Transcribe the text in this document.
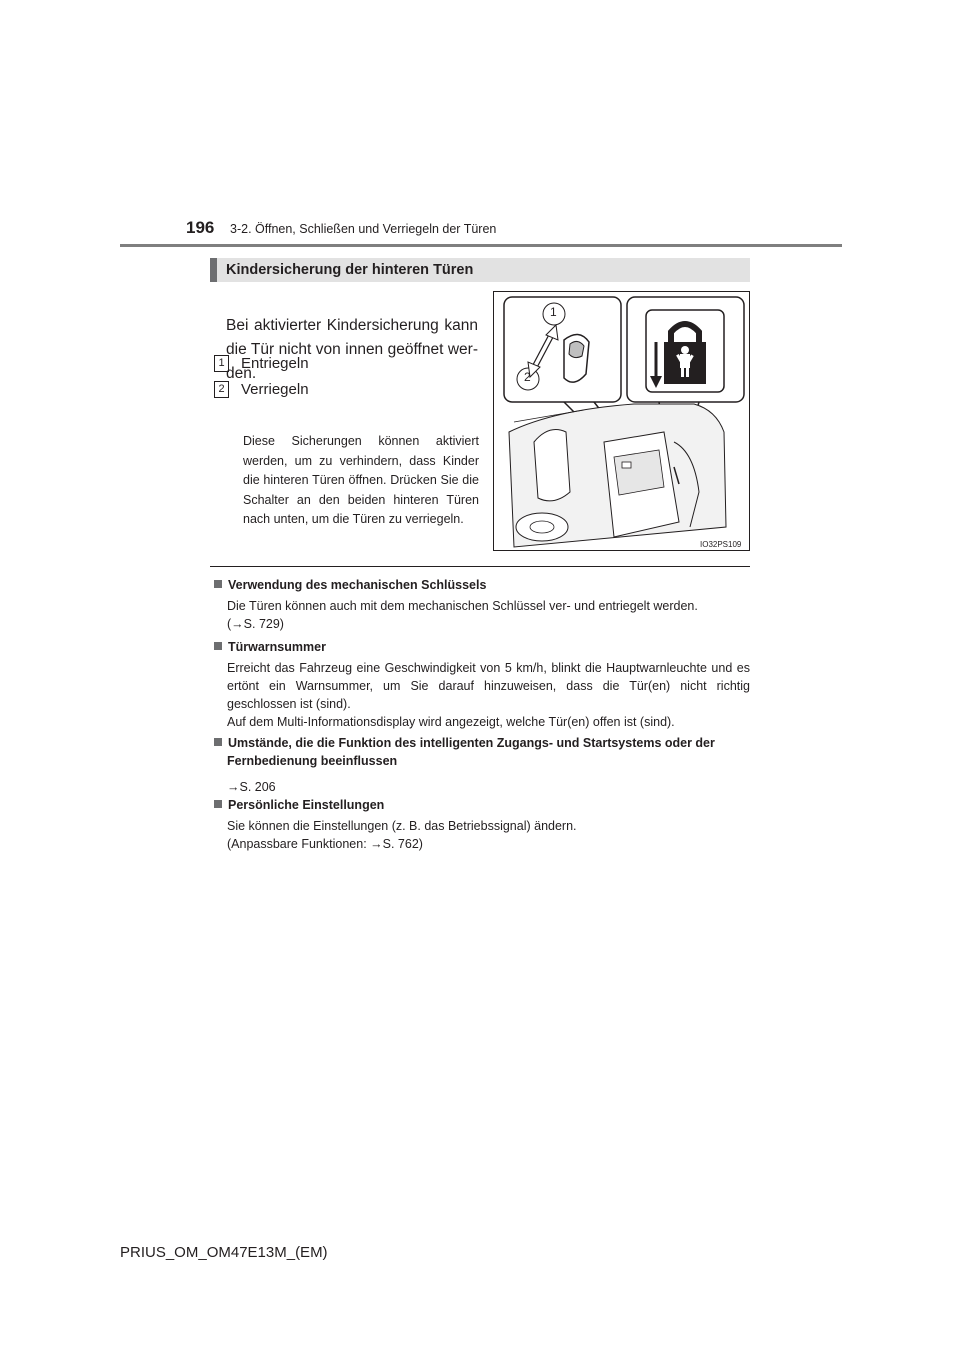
196 3-2. Öffnen, Schließen und Verriegeln der Türen
Kindersicherung der hinteren Türen
Bei aktivierter Kindersicherung kann die Tür nicht von innen geöffnet wer-den.
1 Entriegeln
2 Verriegeln
Diese Sicherungen können aktiviert werden, um zu verhindern, dass Kinder die hinteren Türen öffnen. Drücken Sie die Schalter an den beiden hinteren Türen nach unten, um die Türen zu verriegeln.
1
2
IO32PS109
Verwendung des mechanischen Schlüssels
Die Türen können auch mit dem mechanischen Schlüssel ver- und entriegelt werden.
(→S. 729)
Türwarnsummer
Erreicht das Fahrzeug eine Geschwindigkeit von 5 km/h, blinkt die Hauptwarnleuchte und es ertönt ein Warnsummer, um Sie darauf hinzuweisen, dass die Tür(en) nicht richtig geschlossen ist (sind).
Auf dem Multi-Informationsdisplay wird angezeigt, welche Tür(en) offen ist (sind).
Umstände, die die Funktion des intelligenten Zugangs- und Startsystems oder der Fernbedienung beeinflussen
→S. 206
Persönliche Einstellungen
Sie können die Einstellungen (z. B. das Betriebssignal) ändern.
(Anpassbare Funktionen: →S. 762)
PRIUS_OM_OM47E13M_(EM)
